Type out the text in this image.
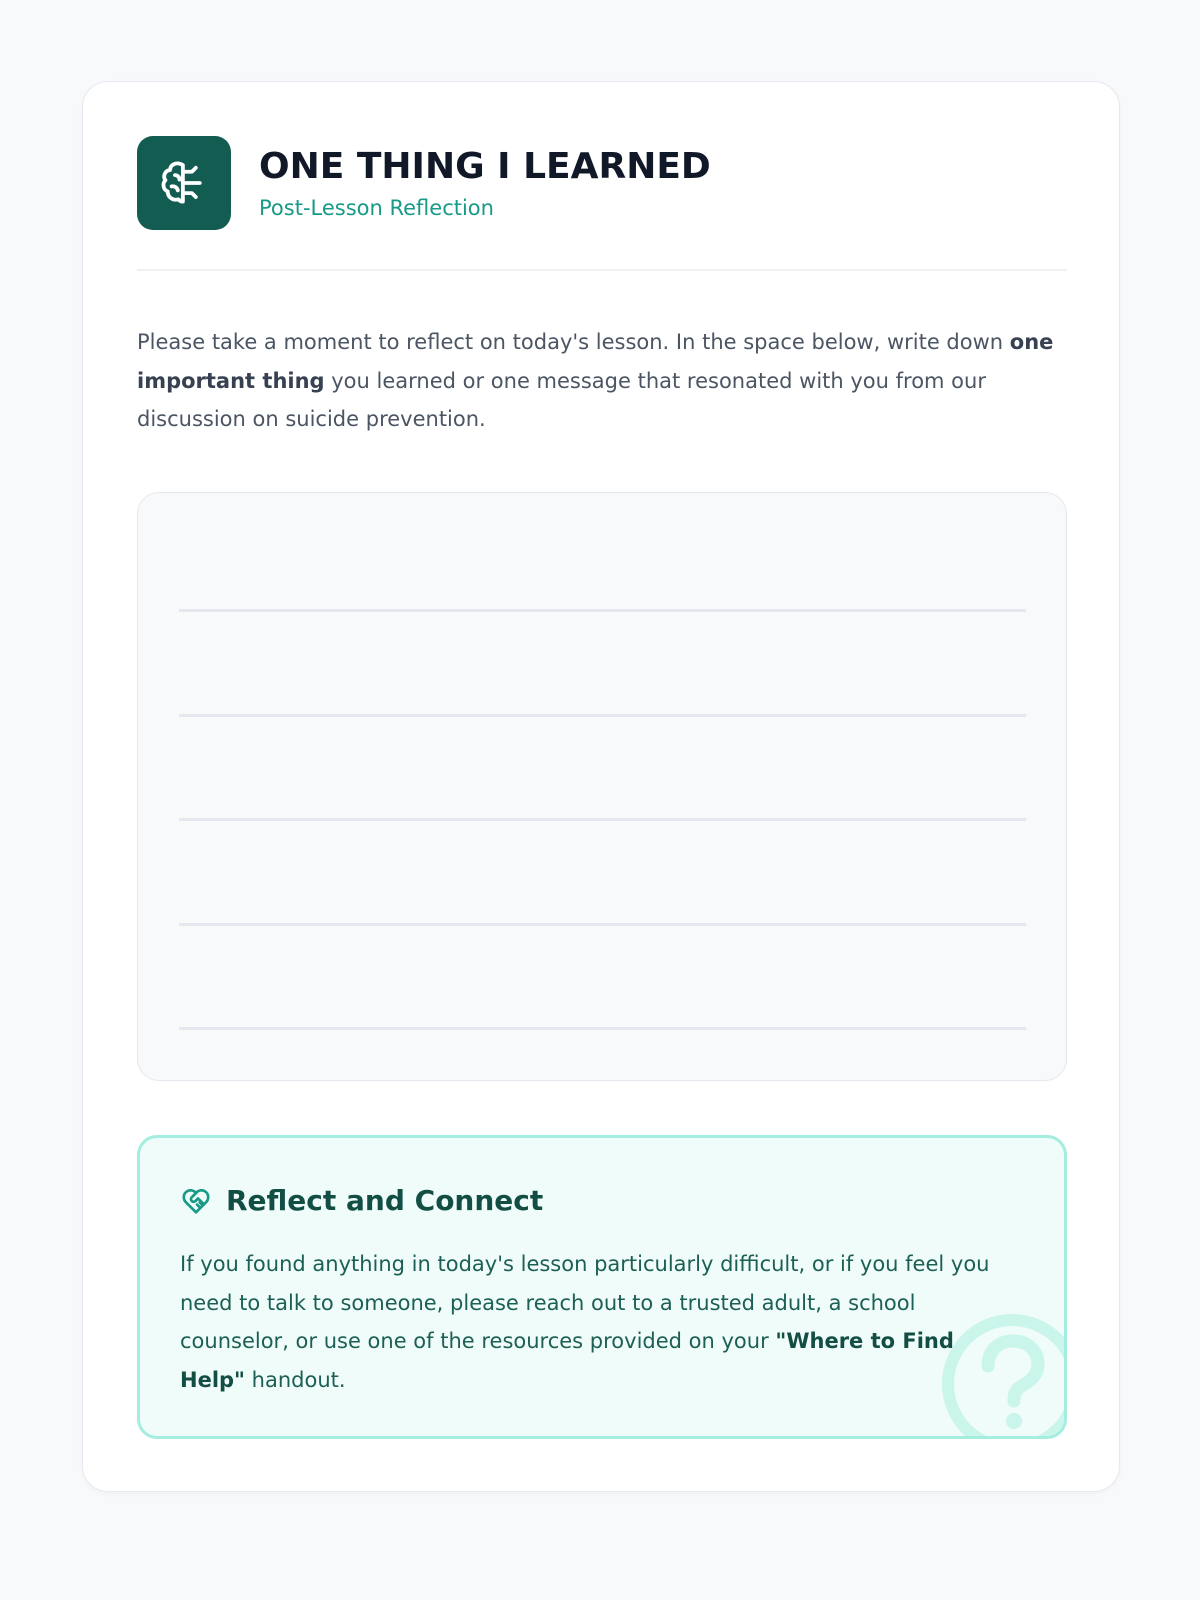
ONE THING I LEARNED
Post-Lesson Reflection

Please take a moment to reflect on today's lesson. In the space below, write down one important thing you learned or one message that resonated with you from our discussion on suicide prevention.

Reflect and Connect

If you found anything in today's lesson particularly difficult, or if you feel you need to talk to someone, please reach out to a trusted adult, a school counselor, or use one of the resources provided on your "Where to Find Help" handout.
